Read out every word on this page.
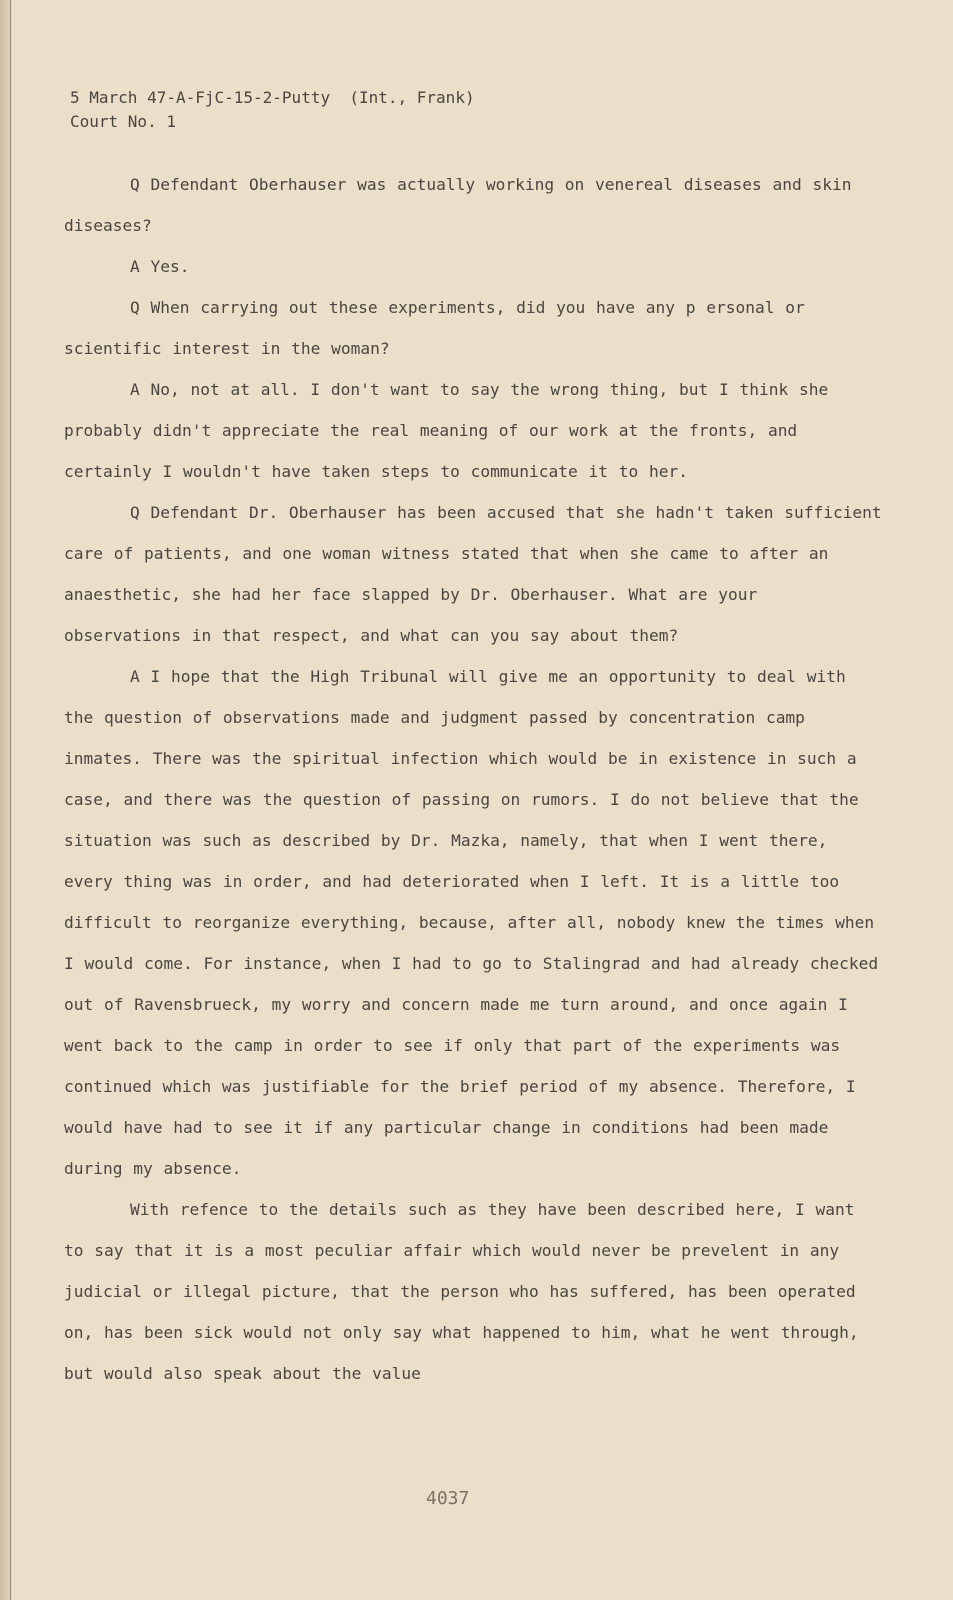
5 March 47-A-FjC-15-2-Putty  (Int., Frank)
Court No. 1

Q Defendant Oberhauser was actually working on venereal diseases and skin diseases?

A Yes.

Q When carrying out these experiments, did you have any p ersonal or scientific interest in the woman?

A No, not at all. I don't want to say the wrong thing, but I think she probably didn't appreciate the real meaning of our work at the fronts, and certainly I wouldn't have taken steps to communicate it to her.

Q Defendant Dr. Oberhauser has been accused that she hadn't taken sufficient care of patients, and one woman witness stated that when she came to after an anaesthetic, she had her face slapped by Dr. Oberhauser. What are your observations in that respect, and what can you say about them?

A I hope that the High Tribunal will give me an opportunity to deal with the question of observations made and judgment passed by concentration camp inmates. There was the spiritual infection which would be in existence in such a case, and there was the question of passing on rumors. I do not believe that the situation was such as described by Dr. Mazka, namely, that when I went there, every thing was in order, and had deteriorated when I left. It is a little too difficult to reorganize everything, because, after all, nobody knew the times when I would come. For instance, when I had to go to Stalingrad and had already checked out of Ravensbrueck, my worry and concern made me turn around, and once again I went back to the camp in order to see if only that part of the experiments was continued which was justifiable for the brief period of my absence. Therefore, I would have had to see it if any particular change in conditions had been made during my absence.

With refence to the details such as they have been described here, I want to say that it is a most peculiar affair which would never be prevelent in any judicial or illegal picture, that the person who has suffered, has been operated on, has been sick would not only say what happened to him, what he went through, but would also speak about the value

4037
